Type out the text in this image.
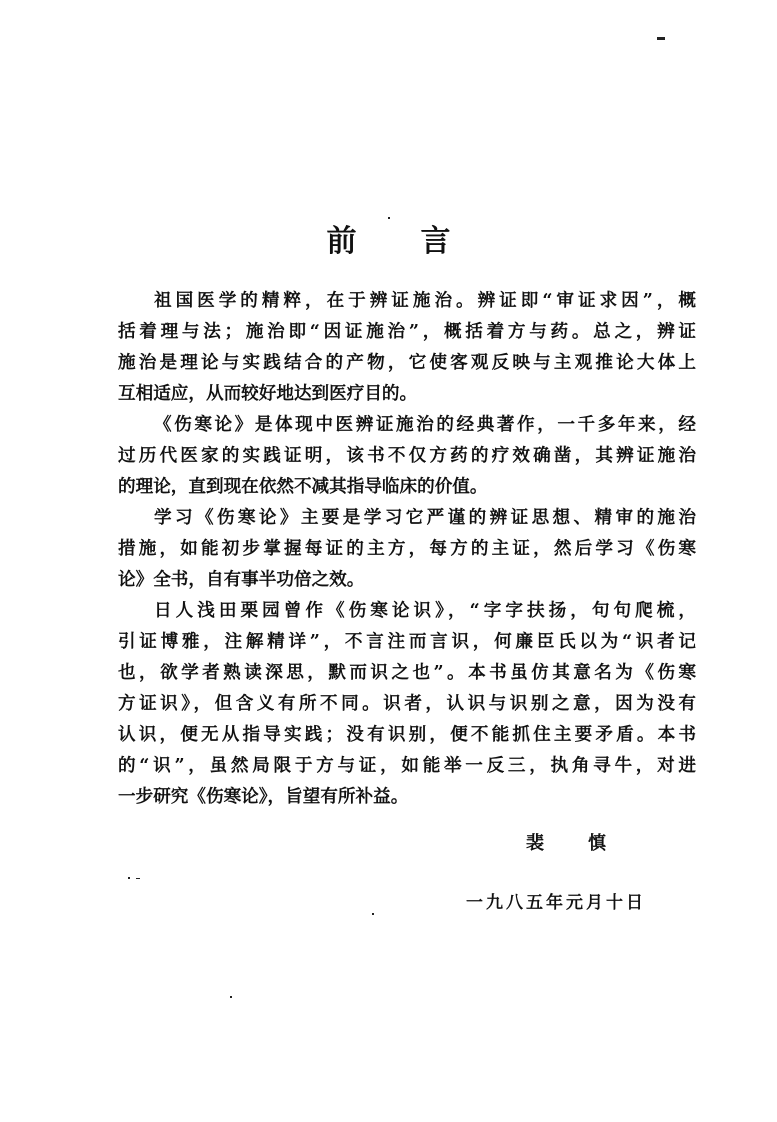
前 言
祖国医学的精粹，在于辨证施治。辨证即“审证求因”，概
括着理与法；施治即“因证施治”，概括着方与药。总之，辨证
施治是理论与实践结合的产物，它使客观反映与主观推论大体上
互相适应，从而较好地达到医疗目的。
《伤寒论》是体现中医辨证施治的经典著作，一千多年来，经
过历代医家的实践证明，该书不仅方药的疗效确凿，其辨证施治
的理论，直到现在依然不减其指导临床的价值。
学习《伤寒论》主要是学习它严谨的辨证思想、精审的施治
措施，如能初步掌握每证的主方，每方的主证，然后学习《伤寒
论》全书，自有事半功倍之效。
日人浅田栗园曾作《伤寒论识》，“字字扶扬，句句爬梳，
引证博雅，注解精详”，不言注而言识，何廉臣氏以为“识者记
也，欲学者熟读深思，默而识之也”。本书虽仿其意名为《伤寒
方证识》，但含义有所不同。识者，认识与识别之意，因为没有
认识，便无从指导实践；没有识别，便不能抓住主要矛盾。本书
的“识”，虽然局限于方与证，如能举一反三，执角寻牛，对进
一步研究《伤寒论》，旨望有所补益。
裴 慎
一九八五年元月十日
